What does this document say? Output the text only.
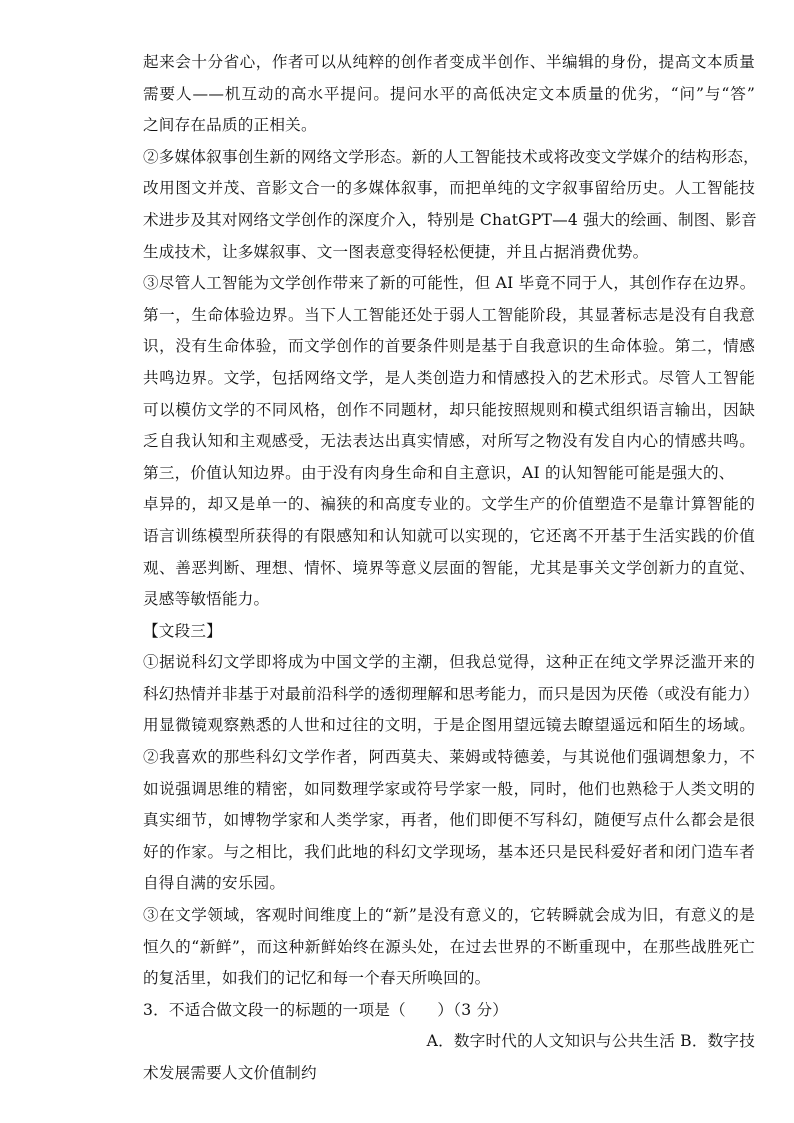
起来会十分省心，作者可以从纯粹的创作者变成半创作、半编辑的身份，提高文本质量
需要人——机互动的高水平提问。提问水平的高低决定文本质量的优劣，“问”与“答”
之间存在品质的正相关。
②多媒体叙事创生新的网络文学形态。新的人工智能技术或将改变文学媒介的结构形态，
改用图文并茂、音影文合一的多媒体叙事，而把单纯的文字叙事留给历史。人工智能技
术进步及其对网络文学创作的深度介入，特别是 ChatGPT—4 强大的绘画、制图、影音
生成技术，让多媒叙事、文一图表意变得轻松便捷，并且占据消费优势。
③尽管人工智能为文学创作带来了新的可能性，但 AI 毕竟不同于人，其创作存在边界。
第一，生命体验边界。当下人工智能还处于弱人工智能阶段，其显著标志是没有自我意
识，没有生命体验，而文学创作的首要条件则是基于自我意识的生命体验。第二，情感
共鸣边界。文学，包括网络文学，是人类创造力和情感投入的艺术形式。尽管人工智能
可以模仿文学的不同风格，创作不同题材，却只能按照规则和模式组织语言输出，因缺
乏自我认知和主观感受，无法表达出真实情感，对所写之物没有发自内心的情感共鸣。
第三，价值认知边界。由于没有肉身生命和自主意识，AI 的认知智能可能是强大的、
卓异的，却又是单一的、褊狭的和高度专业的。文学生产的价值塑造不是靠计算智能的
语言训练模型所获得的有限感知和认知就可以实现的，它还离不开基于生活实践的价值
观、善恶判断、理想、情怀、境界等意义层面的智能，尤其是事关文学创新力的直觉、
灵感等敏悟能力。
【文段三】
①据说科幻文学即将成为中国文学的主潮，但我总觉得，这种正在纯文学界泛滥开来的
科幻热情并非基于对最前沿科学的透彻理解和思考能力，而只是因为厌倦（或没有能力）
用显微镜观察熟悉的人世和过往的文明，于是企图用望远镜去瞭望遥远和陌生的场域。
②我喜欢的那些科幻文学作者，阿西莫夫、莱姆或特德姜，与其说他们强调想象力，不
如说强调思维的精密，如同数理学家或符号学家一般，同时，他们也熟稔于人类文明的
真实细节，如博物学家和人类学家，再者，他们即便不写科幻，随便写点什么都会是很
好的作家。与之相比，我们此地的科幻文学现场，基本还只是民科爱好者和闭门造车者
自得自满的安乐园。
③在文学领域，客观时间维度上的“新”是没有意义的，它转瞬就会成为旧，有意义的是
恒久的“新鲜”，而这种新鲜始终在源头处，在过去世界的不断重现中，在那些战胜死亡
的复活里，如我们的记忆和每一个春天所唤回的。
3．不适合做文段一的标题的一项是（　　）（3 分）
A．数字时代的人文知识与公共生活 B．数字技
术发展需要人文价值制约
